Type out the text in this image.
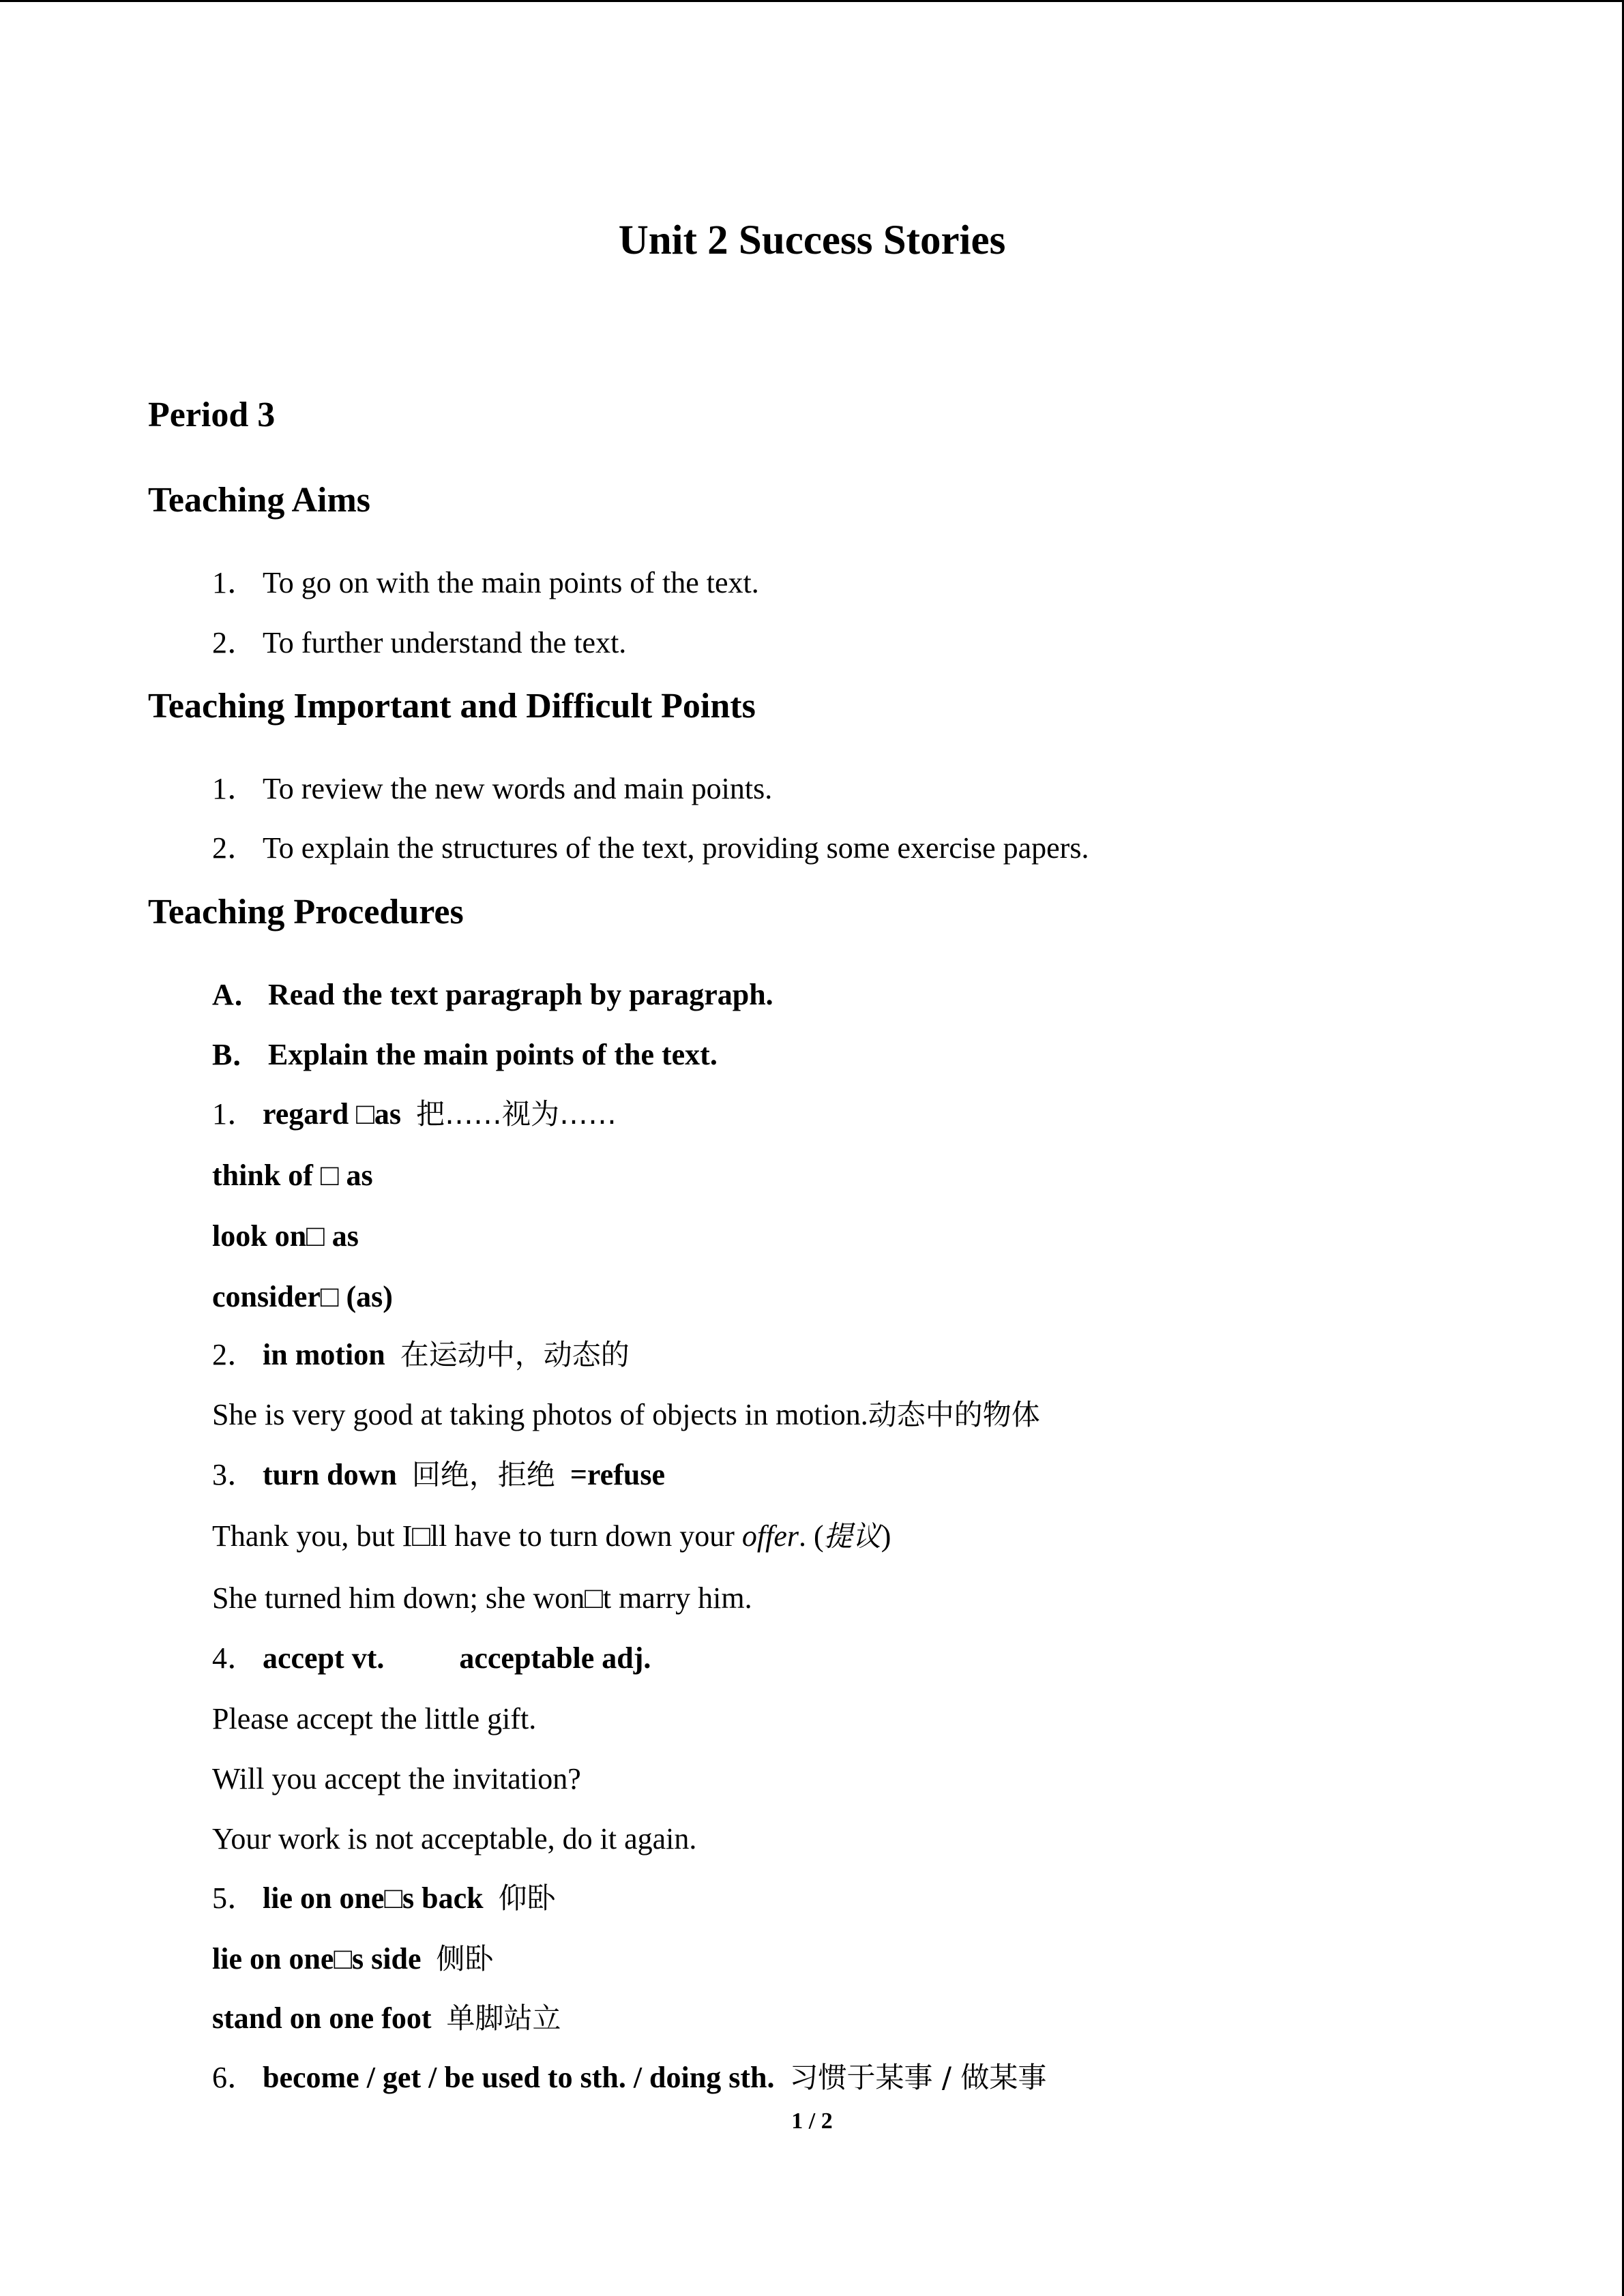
Unit 2 Success Stories
Period 3
Teaching Aims
1． To go on with the main points of the text.
2． To further understand the text.
Teaching Important and Difficult Points
1． To review the new words and main points.
2． To explain the structures of the text, providing some exercise papers.
Teaching Procedures
A． Read the text paragraph by paragraph.
B． Explain the main points of the text.
1． regard □as 把……视为……
think of □ as
look on□ as
consider□ (as)
2． in motion 在运动中，动态的
She is very good at taking photos of objects in motion.动态中的物体
3． turn down 回绝，拒绝 =refuse
Thank you, but I□ll have to turn down your offer. (提议)
She turned him down; she won□t marry him.
4． accept vt.	acceptable adj.
Please accept the little gift.
Will you accept the invitation?
Your work is not acceptable, do it again.
5． lie on one□s back 仰卧
lie on one□s side 侧卧
stand on one foot 单脚站立
6． become / get / be used to sth. / doing sth. 习惯于某事 / 做某事
1 / 2
